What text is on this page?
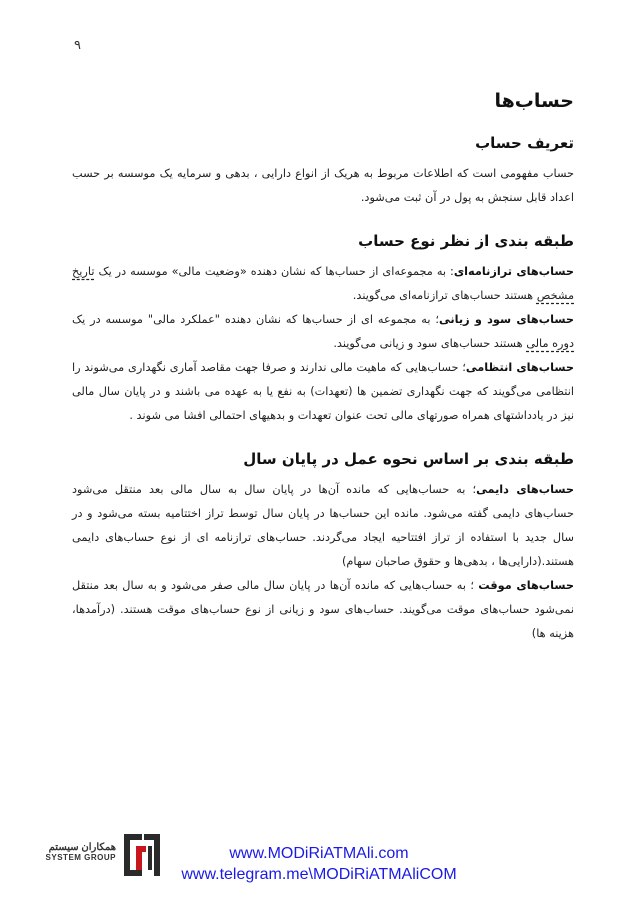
۹
حساب‌ها
تعریف حساب

حساب مفهومی است که اطلاعات مربوط به هریک از انواع دارایی ، بدهی و سرمایه یک موسسه بر حسب اعداد قابل سنجش به پول در آن ثبت می‌شود.

طبقه بندی از نظر نوع حساب

حساب‌های ترازنامه‌ای: به مجموعه‌ای از حساب‌ها که نشان دهنده «وضعیت مالی» موسسه در یک تاریخ مشخص هستند حساب‌های ترازنامه‌ای می‌گویند.

حساب‌های سود و زیانی؛ به مجموعه ای از حساب‌ها که نشان دهنده "عملکرد مالی" موسسه در یک دوره مالی هستند حساب‌های سود و زیانی می‌گویند.

حساب‌های انتظامی؛ حساب‌هایی که ماهیت مالی ندارند و صرفا جهت مقاصد آماری نگهداری می‌شوند را انتظامی می‌گویند که جهت نگهداری تضمین ها (تعهدات) به نفع یا به عهده می باشند و در پایان سال مالی نیز در یادداشتهای همراه صورتهای مالی تحت عنوان تعهدات و بدهیهای احتمالی افشا می شوند .

طبقه بندی بر اساس نحوه عمل در پایان سال

حساب‌های دایمی؛ به حساب‌هایی که مانده آن‌ها در پایان سال به سال مالی بعد منتقل می‌شود حساب‌های دایمی گفته می‌شود. مانده این حساب‌ها در پایان سال توسط تراز اختتامیه بسته می‌شود و در سال جدید با استفاده از تراز افتتاحیه ایجاد می‌گردند. حساب‌های ترازنامه ای از نوع حساب‌های دایمی هستند.(دارایی‌ها ، بدهی‌ها و حقوق صاحبان سهام)

حساب‌های موقت ؛ به حساب‌هایی که مانده آن‌ها در پایان سال مالی صفر می‌شود و به سال بعد منتقل نمی‌شود حساب‌های موقت می‌گویند. حساب‌های سود و زیانی از نوع حساب‌های موقت هستند. (درآمدها، هزینه ها)

همکاران سیستم
SYSTEM GROUP	www.MODiRiATMAli.com
www.telegram.me\MODiRiATMAliCOM
